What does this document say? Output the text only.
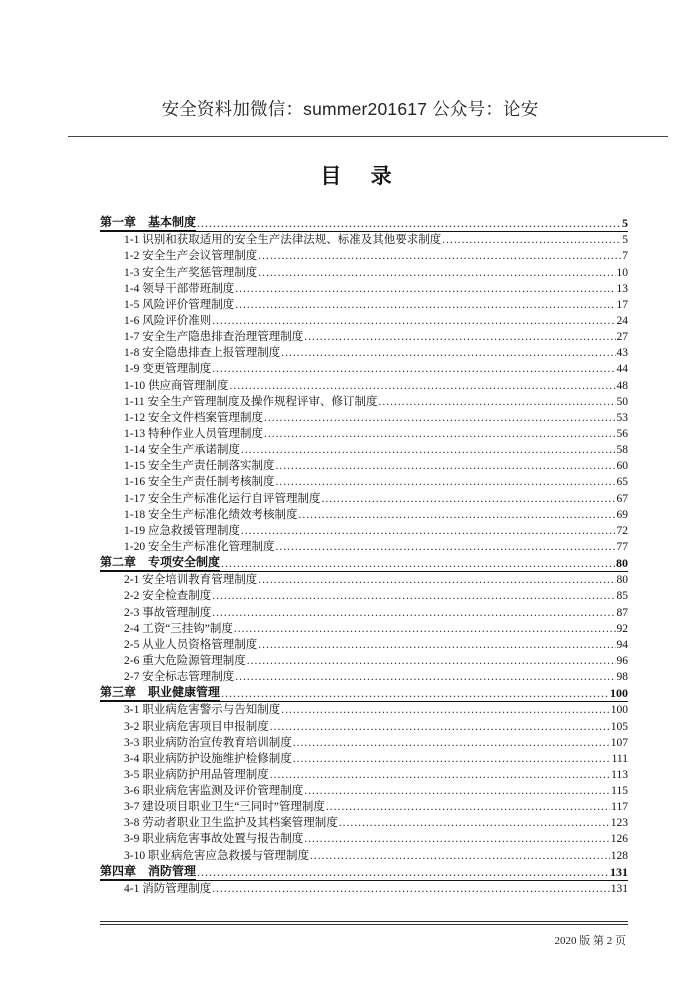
安全资料加微信：summer201617 公众号：论安
目 录
第一章　基本制度 .....	5
1-1 识别和获取适用的安全生产法律法规、标准及其他要求制度 .....	5
1-2 安全生产会议管理制度 .....	7
1-3 安全生产奖惩管理制度 .....	10
1-4 领导干部带班制度 .....	13
1-5 风险评价管理制度 .....	17
1-6 风险评价准则 .....	24
1-7 安全生产隐患排查治理管理制度 .....	27
1-8 安全隐患排查上报管理制度 .....	43
1-9 变更管理制度 .....	44
1-10 供应商管理制度 .....	48
1-11 安全生产管理制度及操作规程评审、修订制度 .....	50
1-12 安全文件档案管理制度 .....	53
1-13 特种作业人员管理制度 .....	56
1-14 安全生产承诺制度 .....	58
1-15 安全生产责任制落实制度 .....	60
1-16 安全生产责任制考核制度 .....	65
1-17 安全生产标准化运行自评管理制度 .....	67
1-18 安全生产标准化绩效考核制度 .....	69
1-19 应急救援管理制度 .....	72
1-20 安全生产标准化管理制度 .....	77
第二章　专项安全制度 .....	80
2-1 安全培训教育管理制度 .....	80
2-2 安全检查制度 .....	85
2-3 事故管理制度 .....	87
2-4 工资“三挂钩”制度 .....	92
2-5 从业人员资格管理制度 .....	94
2-6 重大危险源管理制度 .....	96
2-7 安全标志管理制度 .....	98
第三章　职业健康管理 .....	100
3-1 职业病危害警示与告知制度 .....	100
3-2 职业病危害项目申报制度 .....	105
3-3 职业病防治宣传教育培训制度 .....	107
3-4 职业病防护设施维护检修制度 .....	111
3-5 职业病防护用品管理制度 .....	113
3-6 职业病危害监测及评价管理制度 .....	115
3-7 建设项目职业卫生“三同时”管理制度 .....	117
3-8 劳动者职业卫生监护及其档案管理制度 .....	123
3-9 职业病危害事故处置与报告制度 .....	126
3-10 职业病危害应急救援与管理制度 .....	128
第四章　消防管理 .....	131
4-1 消防管理制度 .....	131
2020 版 第 2 页
